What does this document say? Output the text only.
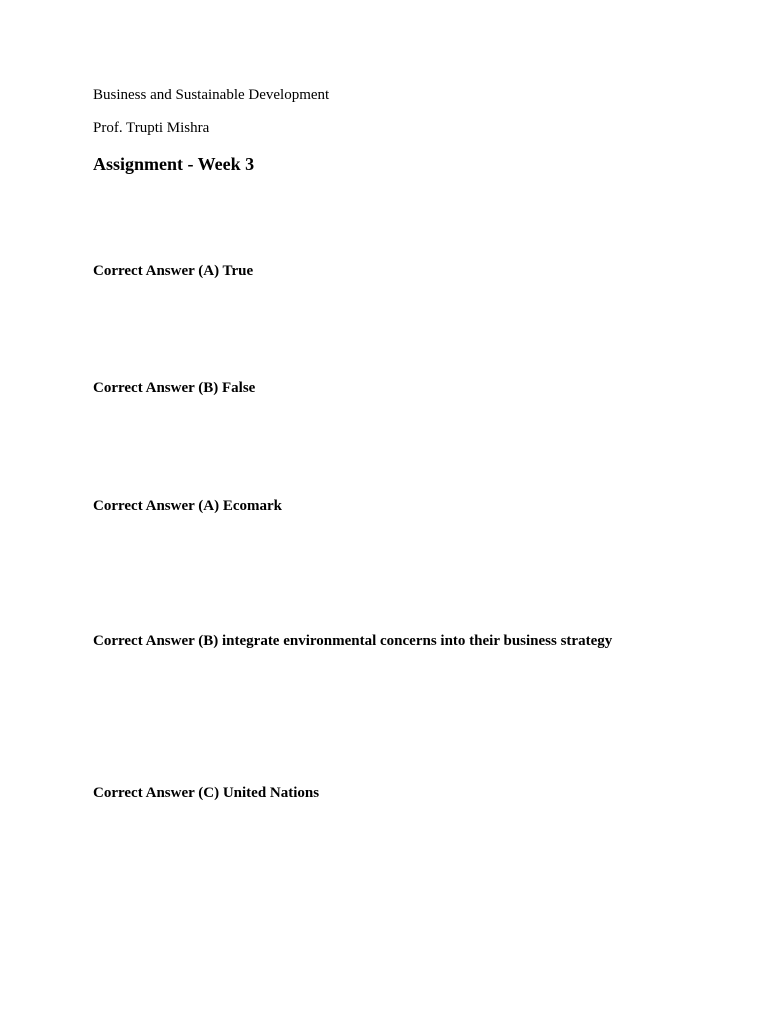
Business and Sustainable Development
Prof. Trupti Mishra
Assignment - Week 3
Correct Answer (A) True
Correct Answer (B) False
Correct Answer (A) Ecomark
Correct Answer (B) integrate environmental concerns into their business strategy
Correct Answer (C) United Nations
